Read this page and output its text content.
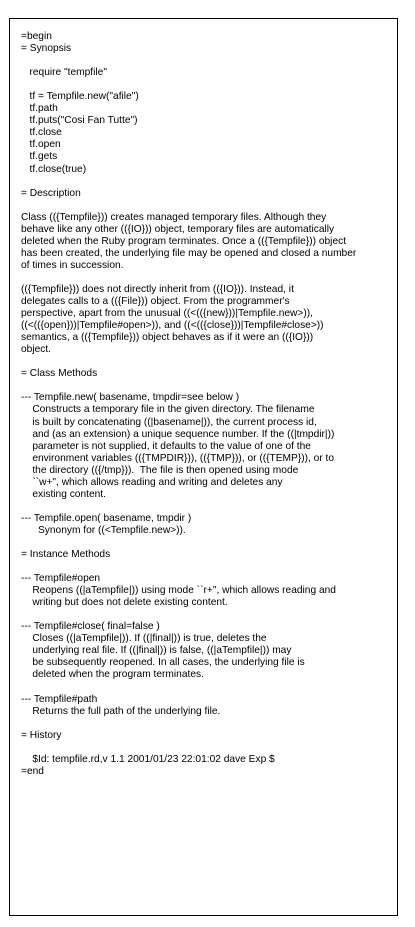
=begin
= Synopsis

require "tempfile"

tf = Tempfile.new("afile")
tf.path
tf.puts("Cosi Fan Tutte")
tf.close
tf.open
tf.gets
tf.close(true)

= Description

Class (({Tempfile})) creates managed temporary files. Although they
behave like any other (({IO})) object, temporary files are automatically
deleted when the Ruby program terminates. Once a (({Tempfile})) object
has been created, the underlying file may be opened and closed a number
of times in succession.

(({Tempfile})) does not directly inherit from (({IO})). Instead, it
delegates calls to a (({File})) object. From the programmer's
perspective, apart from the unusual ((<(({new}))|Tempfile.new>)),
((<(({open}))|Tempfile#open>)), and ((<(({close}))|Tempfile#close>))
semantics, a (({Tempfile})) object behaves as if it were an (({IO}))
object.

= Class Methods

--- Tempfile.new( basename, tmpdir=see below )
Constructs a temporary file in the given directory. The filename
is built by concatenating ((|basename|)), the current process id,
and (as an extension) a unique sequence number. If the ((|tmpdir|))
parameter is not supplied, it defaults to the value of one of the
environment variables (({TMPDIR})), (({TMP})), or (({TEMP})), or to
the directory (({/tmp})).  The file is then opened using mode
``w+", which allows reading and writing and deletes any
existing content.

--- Tempfile.open( basename, tmpdir )
Synonym for ((<Tempfile.new>)).

= Instance Methods

--- Tempfile#open
Reopens ((|aTempfile|)) using mode ``r+", which allows reading and
writing but does not delete existing content.

--- Tempfile#close( final=false )
Closes ((|aTempfile|)). If ((|final|)) is true, deletes the
underlying real file. If ((|final|)) is false, ((|aTempfile|)) may
be subsequently reopened. In all cases, the underlying file is
deleted when the program terminates.

--- Tempfile#path
Returns the full path of the underlying file.

= History

$Id: tempfile.rd,v 1.1 2001/01/23 22:01:02 dave Exp $
=end
